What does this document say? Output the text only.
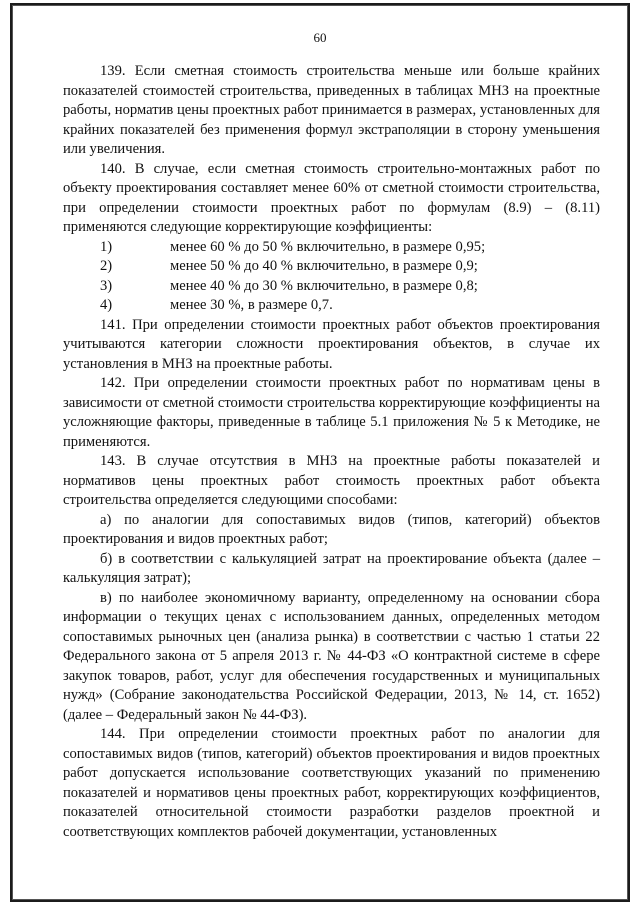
60

139. Если сметная стоимость строительства меньше или больше крайних показателей стоимостей строительства, приведенных в таблицах МНЗ на проектные работы, норматив цены проектных работ принимается в размерах, установленных для крайних показателей без применения формул экстраполяции в сторону уменьшения или увеличения.

140. В случае, если сметная стоимость строительно-монтажных работ по объекту проектирования составляет менее 60% от сметной стоимости строительства, при определении стоимости проектных работ по формулам (8.9) – (8.11) применяются следующие корректирующие коэффициенты:

1)	менее 60 % до 50 % включительно, в размере 0,95;
2)	менее 50 % до 40 % включительно, в размере 0,9;
3)	менее 40 % до 30 % включительно, в размере 0,8;
4)	менее 30 %, в размере 0,7.

141. При определении стоимости проектных работ объектов проектирования учитываются категории сложности проектирования объектов, в случае их установления в МНЗ на проектные работы.

142. При определении стоимости проектных работ по нормативам цены в зависимости от сметной стоимости строительства корректирующие коэффициенты на усложняющие факторы, приведенные в таблице 5.1 приложения № 5 к Методике, не применяются.

143. В случае отсутствия в МНЗ на проектные работы показателей и нормативов цены проектных работ стоимость проектных работ объекта строительства определяется следующими способами:

а) по аналогии для сопоставимых видов (типов, категорий) объектов проектирования и видов проектных работ;

б) в соответствии с калькуляцией затрат на проектирование объекта (далее – калькуляция затрат);

в) по наиболее экономичному варианту, определенному на основании сбора информации о текущих ценах с использованием данных, определенных методом сопоставимых рыночных цен (анализа рынка) в соответствии с частью 1 статьи 22 Федерального закона от 5 апреля 2013 г. № 44-ФЗ «О контрактной системе в сфере закупок товаров, работ, услуг для обеспечения государственных и муниципальных нужд» (Собрание законодательства Российской Федерации, 2013, № 14, ст. 1652) (далее – Федеральный закон № 44-ФЗ).

144. При определении стоимости проектных работ по аналогии для сопоставимых видов (типов, категорий) объектов проектирования и видов проектных работ допускается использование соответствующих указаний по применению показателей и нормативов цены проектных работ, корректирующих коэффициентов, показателей относительной стоимости разработки разделов проектной и соответствующих комплектов рабочей документации, установленных
